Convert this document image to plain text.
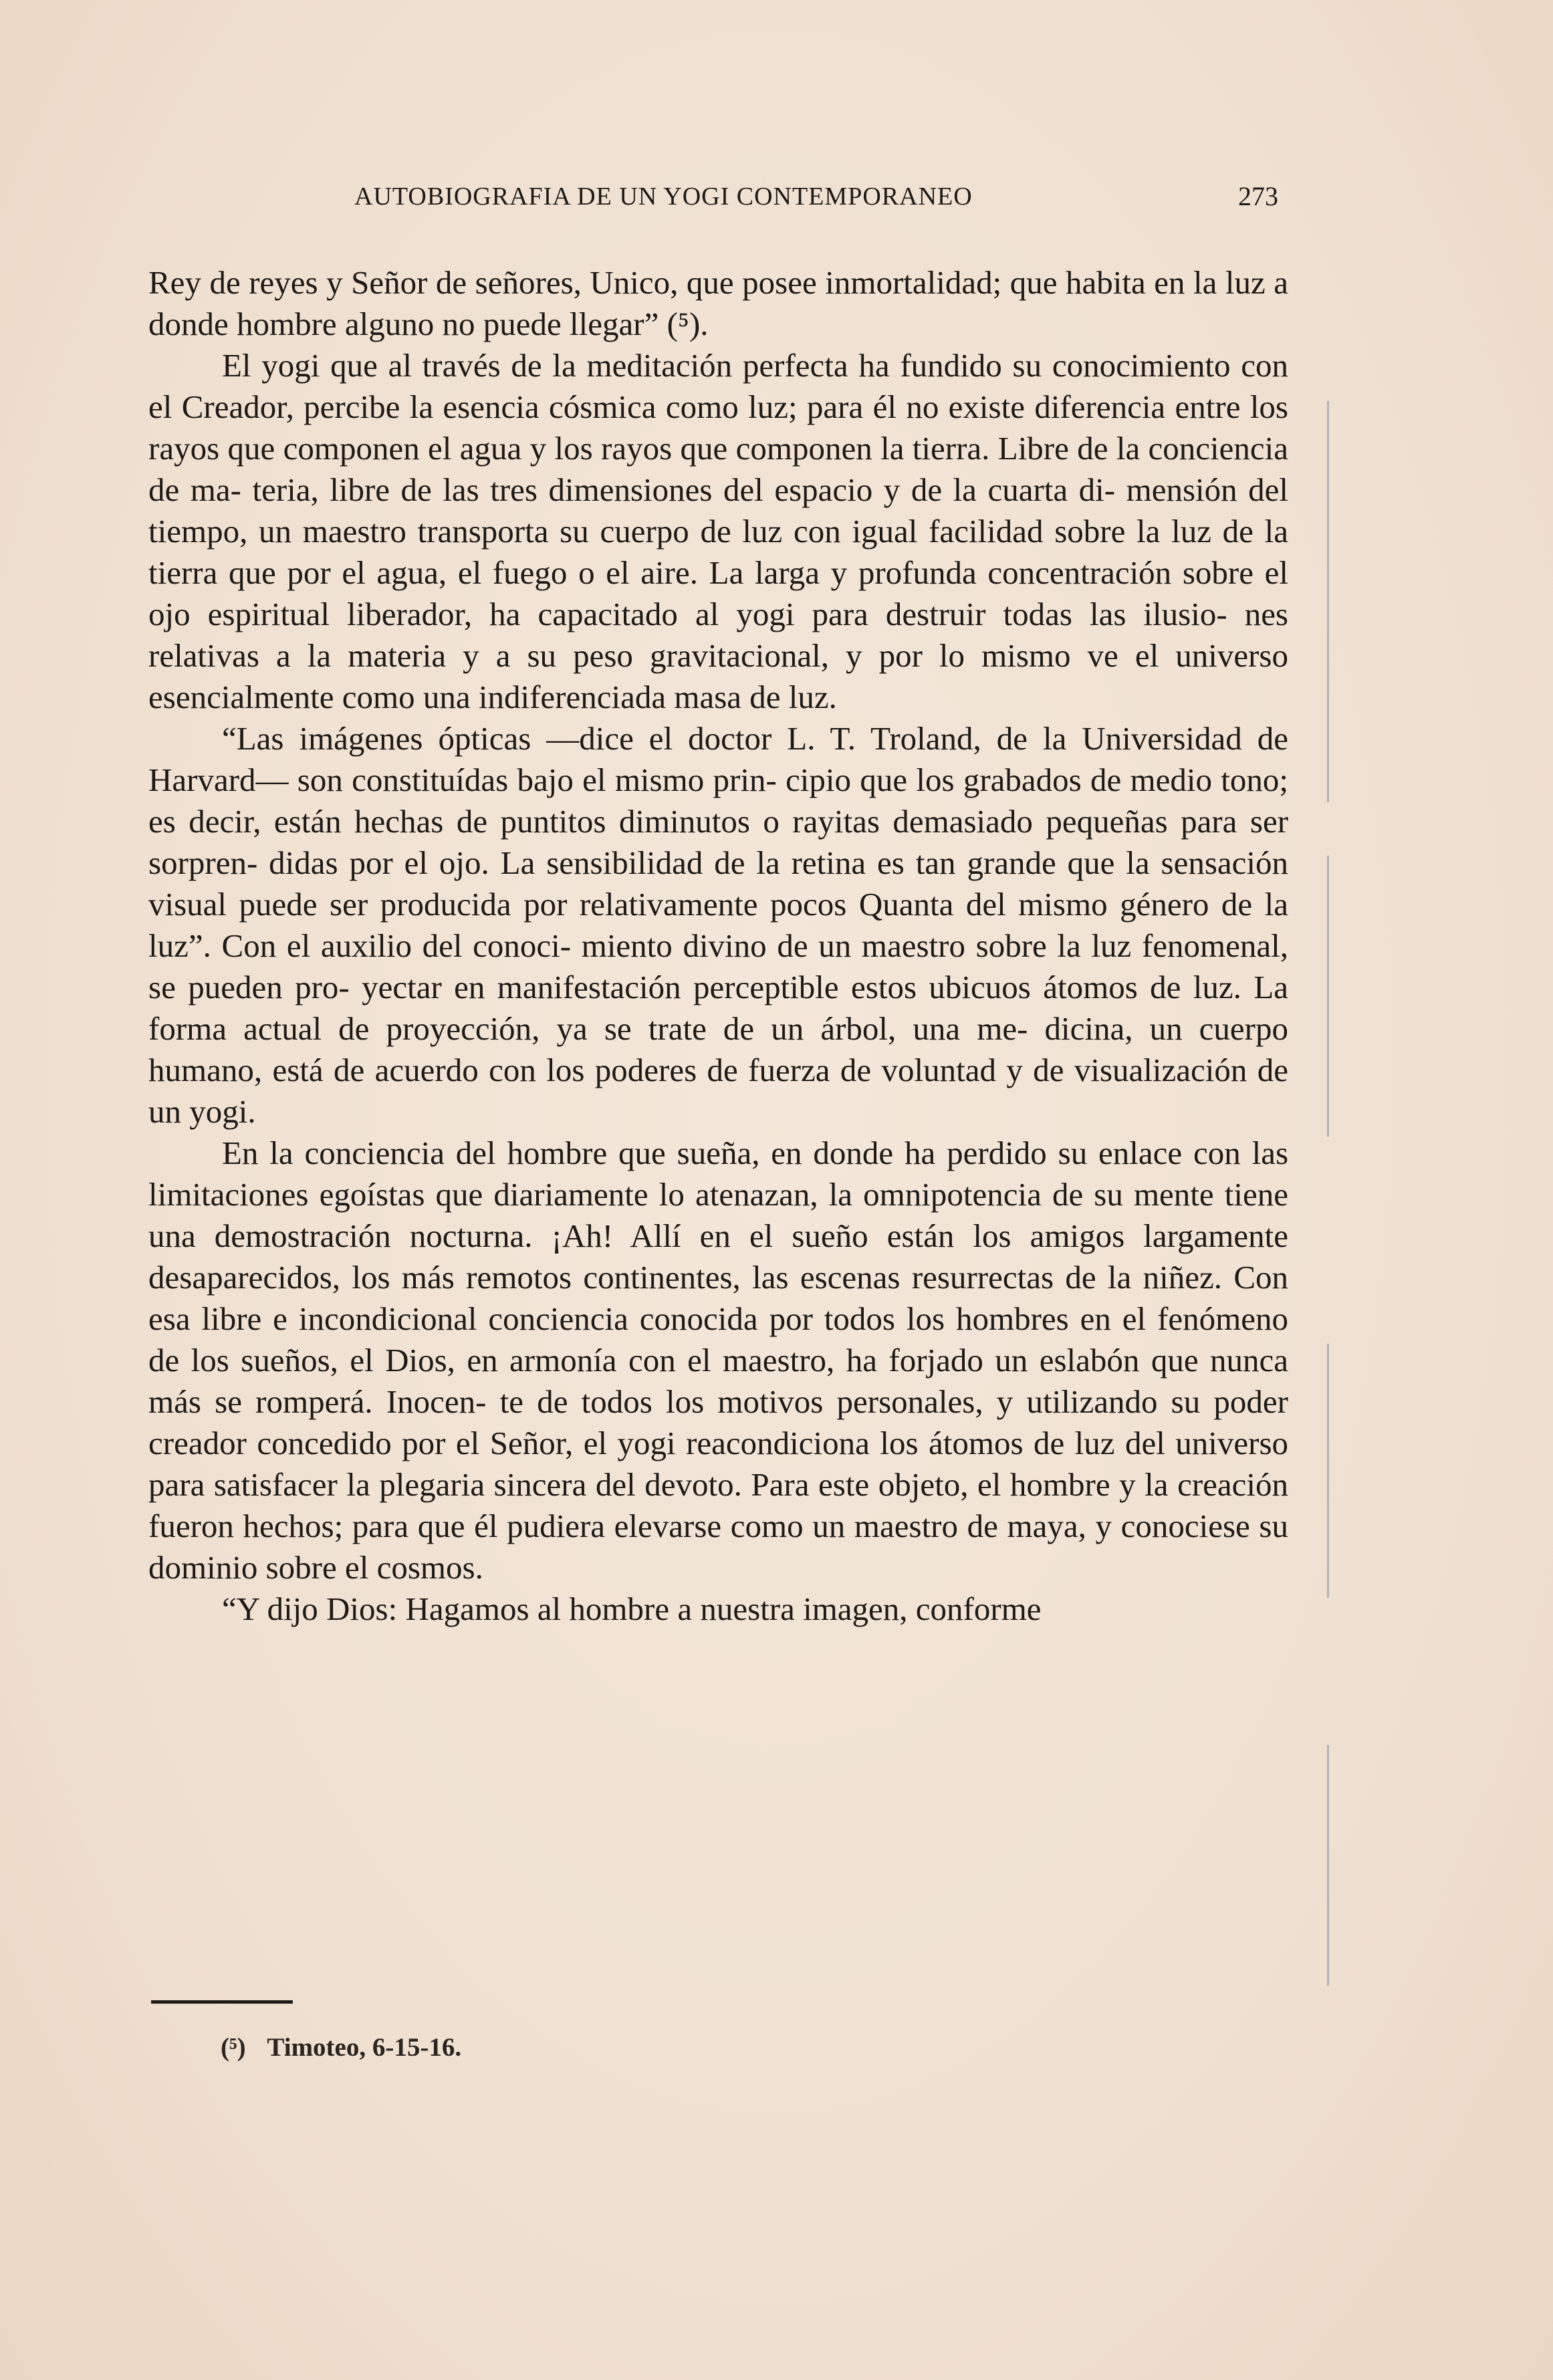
AUTOBIOGRAFIA DE UN YOGI CONTEMPORANEO	273

Rey de reyes y Señor de señores, Unico, que posee inmortalidad; que habita en la luz a donde hombre alguno no puede llegar” (⁵).

El yogi que al través de la meditación perfecta ha fundido su conocimiento con el Creador, percibe la esencia cósmica como luz; para él no existe diferencia entre los rayos que componen el agua y los rayos que componen la tierra. Libre de la conciencia de ma- teria, libre de las tres dimensiones del espacio y de la cuarta di- mensión del tiempo, un maestro transporta su cuerpo de luz con igual facilidad sobre la luz de la tierra que por el agua, el fuego o el aire. La larga y profunda concentración sobre el ojo espiritual liberador, ha capacitado al yogi para destruir todas las ilusio- nes relativas a la materia y a su peso gravitacional, y por lo mismo ve el universo esencialmente como una indiferenciada masa de luz.

“Las imágenes ópticas —dice el doctor L. T. Troland, de la Universidad de Harvard— son constituídas bajo el mismo prin- cipio que los grabados de medio tono; es decir, están hechas de puntitos diminutos o rayitas demasiado pequeñas para ser sorpren- didas por el ojo. La sensibilidad de la retina es tan grande que la sensación visual puede ser producida por relativamente pocos Quanta del mismo género de la luz”. Con el auxilio del conoci- miento divino de un maestro sobre la luz fenomenal, se pueden pro- yectar en manifestación perceptible estos ubicuos átomos de luz. La forma actual de proyección, ya se trate de un árbol, una me- dicina, un cuerpo humano, está de acuerdo con los poderes de fuerza de voluntad y de visualización de un yogi.

En la conciencia del hombre que sueña, en donde ha perdido su enlace con las limitaciones egoístas que diariamente lo atenazan, la omnipotencia de su mente tiene una demostración nocturna. ¡Ah! Allí en el sueño están los amigos largamente desaparecidos, los más remotos continentes, las escenas resurrectas de la niñez. Con esa libre e incondicional conciencia conocida por todos los hombres en el fenómeno de los sueños, el Dios, en armonía con el maestro, ha forjado un eslabón que nunca más se romperá. Inocen- te de todos los motivos personales, y utilizando su poder creador concedido por el Señor, el yogi reacondiciona los átomos de luz del universo para satisfacer la plegaria sincera del devoto. Para este objeto, el hombre y la creación fueron hechos; para que él pudiera elevarse como un maestro de maya, y conociese su dominio sobre el cosmos.

“Y dijo Dios: Hagamos al hombre a nuestra imagen, conforme

(⁵) Timoteo, 6-15-16.
